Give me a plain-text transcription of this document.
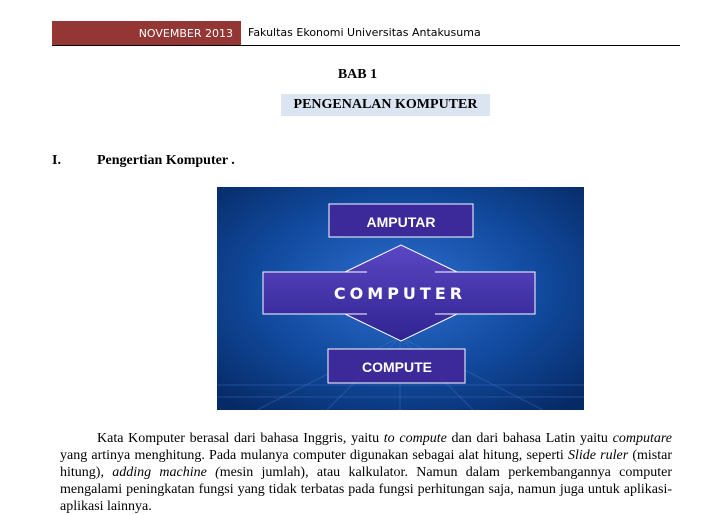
NOVEMBER 2013 Fakultas Ekonomi Universitas Antakusuma
BAB 1
PENGENALAN KOMPUTER
I.	Pengertian Komputer .
AMPUTAR
COMPUTER
COMPUTE

Kata Komputer berasal dari bahasa Inggris, yaitu to compute dan dari bahasa Latin yaitu computare yang artinya menghitung. Pada mulanya computer digunakan sebagai alat hitung, seperti Slide ruler (mistar hitung), adding machine (mesin jumlah), atau kalkulator. Namun dalam perkembangannya computer mengalami peningkatan fungsi yang tidak terbatas pada fungsi perhitungan saja, namun juga untuk aplikasi-aplikasi lainnya.
